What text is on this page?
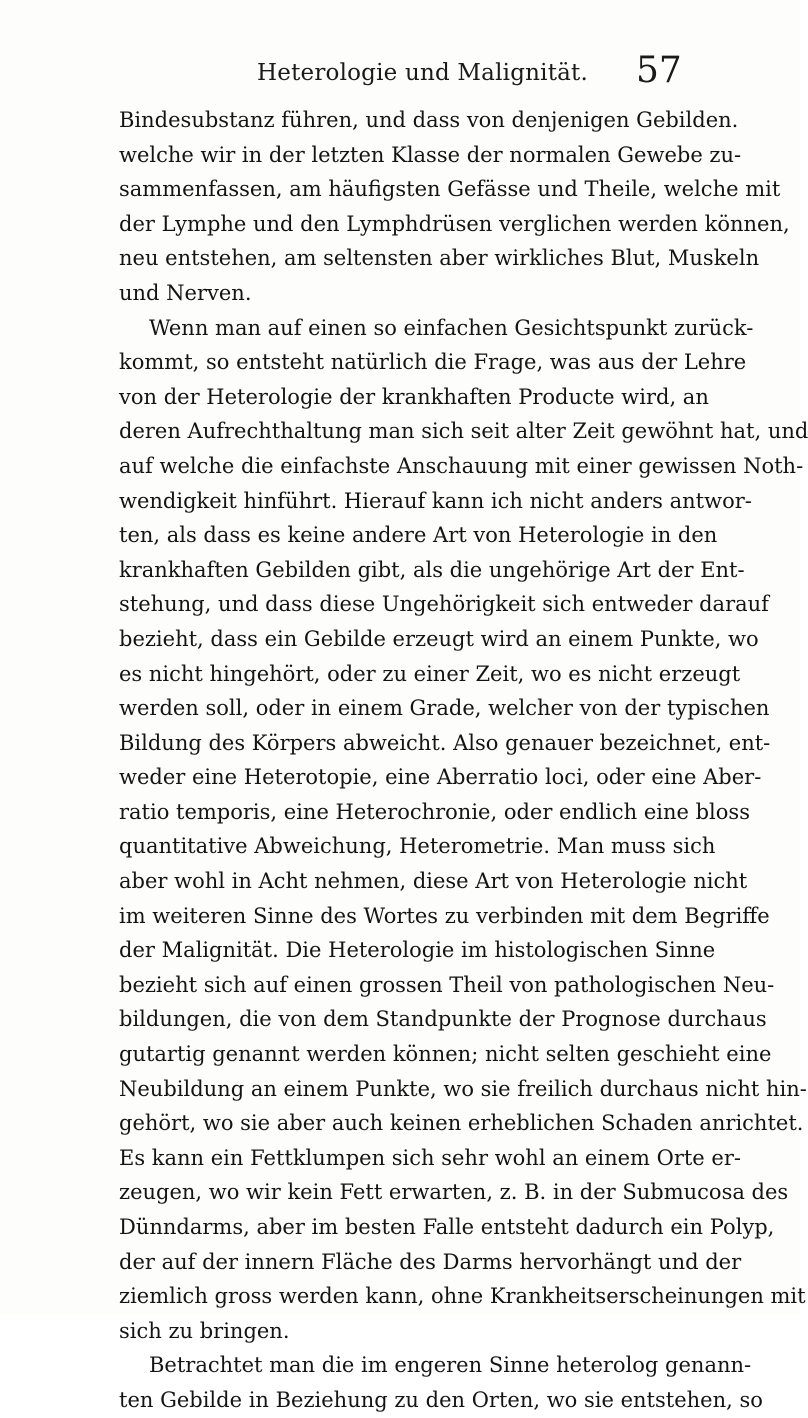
Heterologie und Malignität. 57
Bindesubstanz führen, und dass von denjenigen Gebilden.
welche wir in der letzten Klasse der normalen Gewebe zu-
sammenfassen, am häufigsten Gefässe und Theile, welche mit
der Lymphe und den Lymphdrüsen verglichen werden können,
neu entstehen, am seltensten aber wirkliches Blut, Muskeln
und Nerven.
Wenn man auf einen so einfachen Gesichtspunkt zurück-
kommt, so entsteht natürlich die Frage, was aus der Lehre
von der Heterologie der krankhaften Producte wird, an
deren Aufrechthaltung man sich seit alter Zeit gewöhnt hat, und
auf welche die einfachste Anschauung mit einer gewissen Noth-
wendigkeit hinführt. Hierauf kann ich nicht anders antwor-
ten, als dass es keine andere Art von Heterologie in den
krankhaften Gebilden gibt, als die ungehörige Art der Ent-
stehung, und dass diese Ungehörigkeit sich entweder darauf
bezieht, dass ein Gebilde erzeugt wird an einem Punkte, wo
es nicht hingehört, oder zu einer Zeit, wo es nicht erzeugt
werden soll, oder in einem Grade, welcher von der typischen
Bildung des Körpers abweicht. Also genauer bezeichnet, ent-
weder eine Heterotopie, eine Aberratio loci, oder eine Aber-
ratio temporis, eine Heterochronie, oder endlich eine bloss
quantitative Abweichung, Heterometrie. Man muss sich
aber wohl in Acht nehmen, diese Art von Heterologie nicht
im weiteren Sinne des Wortes zu verbinden mit dem Begriffe
der Malignität. Die Heterologie im histologischen Sinne
bezieht sich auf einen grossen Theil von pathologischen Neu-
bildungen, die von dem Standpunkte der Prognose durchaus
gutartig genannt werden können; nicht selten geschieht eine
Neubildung an einem Punkte, wo sie freilich durchaus nicht hin-
gehört, wo sie aber auch keinen erheblichen Schaden anrichtet.
Es kann ein Fettklumpen sich sehr wohl an einem Orte er-
zeugen, wo wir kein Fett erwarten, z. B. in der Submucosa des
Dünndarms, aber im besten Falle entsteht dadurch ein Polyp,
der auf der innern Fläche des Darms hervorhängt und der
ziemlich gross werden kann, ohne Krankheitserscheinungen mit
sich zu bringen.
Betrachtet man die im engeren Sinne heterolog genann-
ten Gebilde in Beziehung zu den Orten, wo sie entstehen, so
